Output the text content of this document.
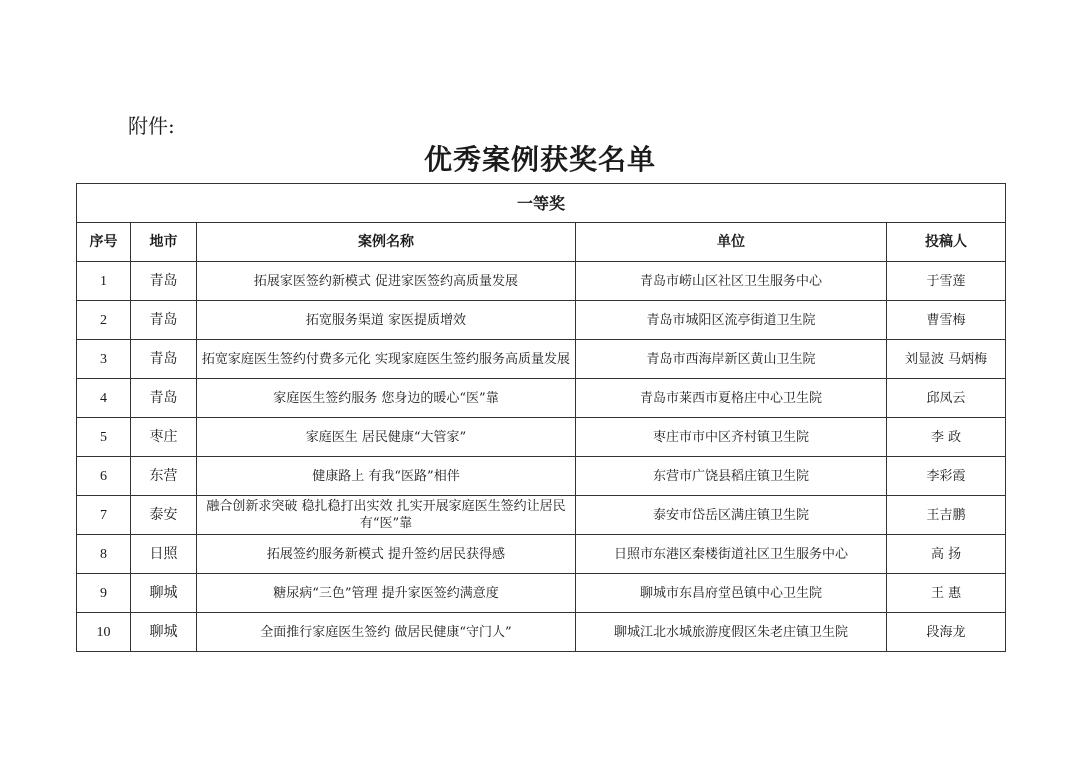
附件:
优秀案例获奖名单
一等奖				
序号	地市	案例名称	单位	投稿人
1	青岛	拓展家医签约新模式 促进家医签约高质量发展	青岛市崂山区社区卫生服务中心	于雪莲
2	青岛	拓宽服务渠道 家医提质增效	青岛市城阳区流亭街道卫生院	曹雪梅
3	青岛	拓宽家庭医生签约付费多元化 实现家庭医生签约服务高质量发展	青岛市西海岸新区黄山卫生院	刘显波 马炳梅
4	青岛	家庭医生签约服务 您身边的暖心“医”靠	青岛市莱西市夏格庄中心卫生院	邱凤云
5	枣庄	家庭医生 居民健康“大管家”	枣庄市市中区齐村镇卫生院	李 政
6	东营	健康路上 有我“医路”相伴	东营市广饶县稻庄镇卫生院	李彩霞
7	泰安	融合创新求突破 稳扎稳打出实效 扎实开展家庭医生签约让居民有“医”靠	泰安市岱岳区满庄镇卫生院	王吉鹏
8	日照	拓展签约服务新模式 提升签约居民获得感	日照市东港区秦楼街道社区卫生服务中心	高 扬
9	聊城	糖尿病“三色”管理 提升家医签约满意度	聊城市东昌府堂邑镇中心卫生院	王 惠
10	聊城	全面推行家庭医生签约 做居民健康“守门人”	聊城江北水城旅游度假区朱老庄镇卫生院	段海龙
